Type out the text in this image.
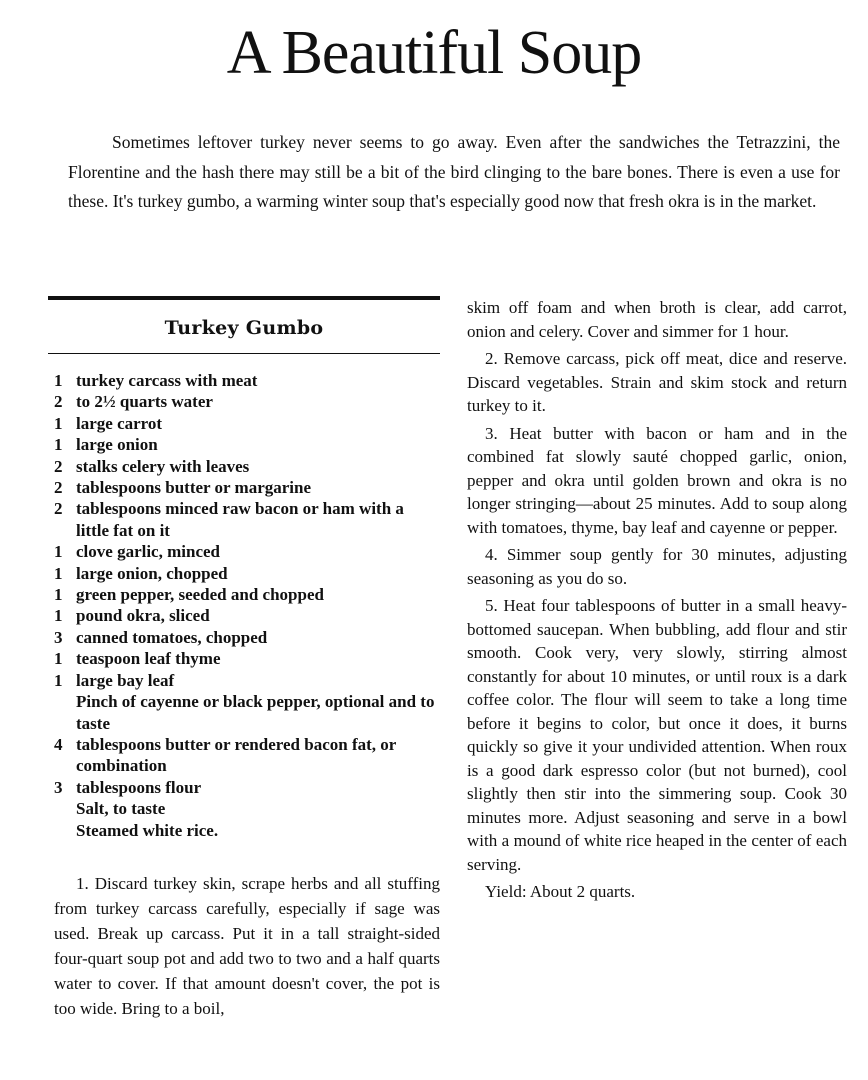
A Beautiful Soup

Sometimes leftover turkey never seems to go away. Even after the sandwiches the Tetrazzini, the Florentine and the hash there may still be a bit of the bird clinging to the bare bones. There is even a use for these. It's turkey gumbo, a warming winter soup that's especially good now that fresh okra is in the market.

Turkey Gumbo
1 turkey carcass with meat
2 to 2½ quarts water
1 large carrot
1 large onion
2 stalks celery with leaves
2 tablespoons butter or margarine
2 tablespoons minced raw bacon or ham with a little fat on it
1 clove garlic, minced
1 large onion, chopped
1 green pepper, seeded and chopped
1 pound okra, sliced
3 canned tomatoes, chopped
1 teaspoon leaf thyme
1 large bay leaf
Pinch of cayenne or black pepper, optional and to taste
4 tablespoons butter or rendered bacon fat, or combination
3 tablespoons flour
Salt, to taste
Steamed white rice.

1. Discard turkey skin, scrape herbs and all stuffing from turkey carcass carefully, especially if sage was used. Break up carcass. Put it in a tall straight-sided four-quart soup pot and add two to two and a half quarts water to cover. If that amount doesn't cover, the pot is too wide. Bring to a boil,

skim off foam and when broth is clear, add carrot, onion and celery. Cover and simmer for 1 hour.

2. Remove carcass, pick off meat, dice and reserve. Discard vegetables. Strain and skim stock and return turkey to it.

3. Heat butter with bacon or ham and in the combined fat slowly sauté chopped garlic, onion, pepper and okra until golden brown and okra is no longer stringing—about 25 minutes. Add to soup along with tomatoes, thyme, bay leaf and cayenne or pepper.

4. Simmer soup gently for 30 minutes, adjusting seasoning as you do so.

5. Heat four tablespoons of butter in a small heavy-bottomed saucepan. When bubbling, add flour and stir smooth. Cook very, very slowly, stirring almost constantly for about 10 minutes, or until roux is a dark coffee color. The flour will seem to take a long time before it begins to color, but once it does, it burns quickly so give it your undivided attention. When roux is a good dark espresso color (but not burned), cool slightly then stir into the simmering soup. Cook 30 minutes more. Adjust seasoning and serve in a bowl with a mound of white rice heaped in the center of each serving.

Yield: About 2 quarts.
